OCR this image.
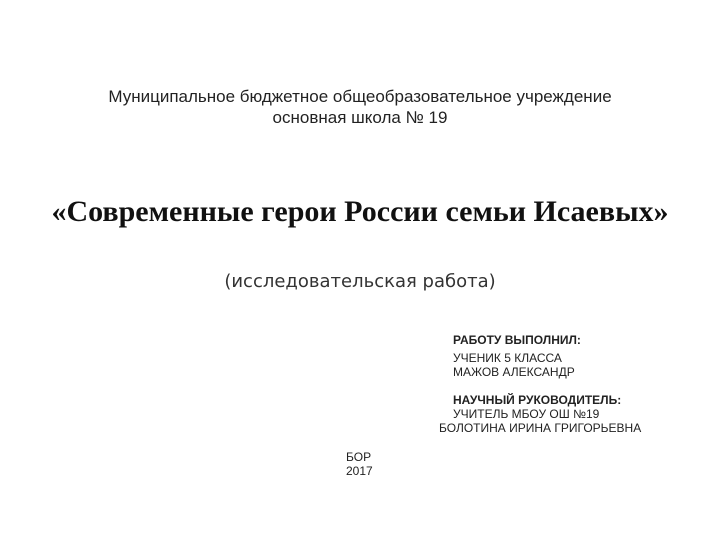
Муниципальное бюджетное общеобразовательное учреждение
основная школа № 19
«Современные герои России семьи Исаевых»
(исследовательская работа)
РАБОТУ ВЫПОЛНИЛ:
УЧЕНИК 5 КЛАССА
МАЖОВ АЛЕКСАНДР
НАУЧНЫЙ РУКОВОДИТЕЛЬ:
УЧИТЕЛЬ МБОУ ОШ №19
БОЛОТИНА ИРИНА ГРИГОРЬЕВНА
БОР
2017
